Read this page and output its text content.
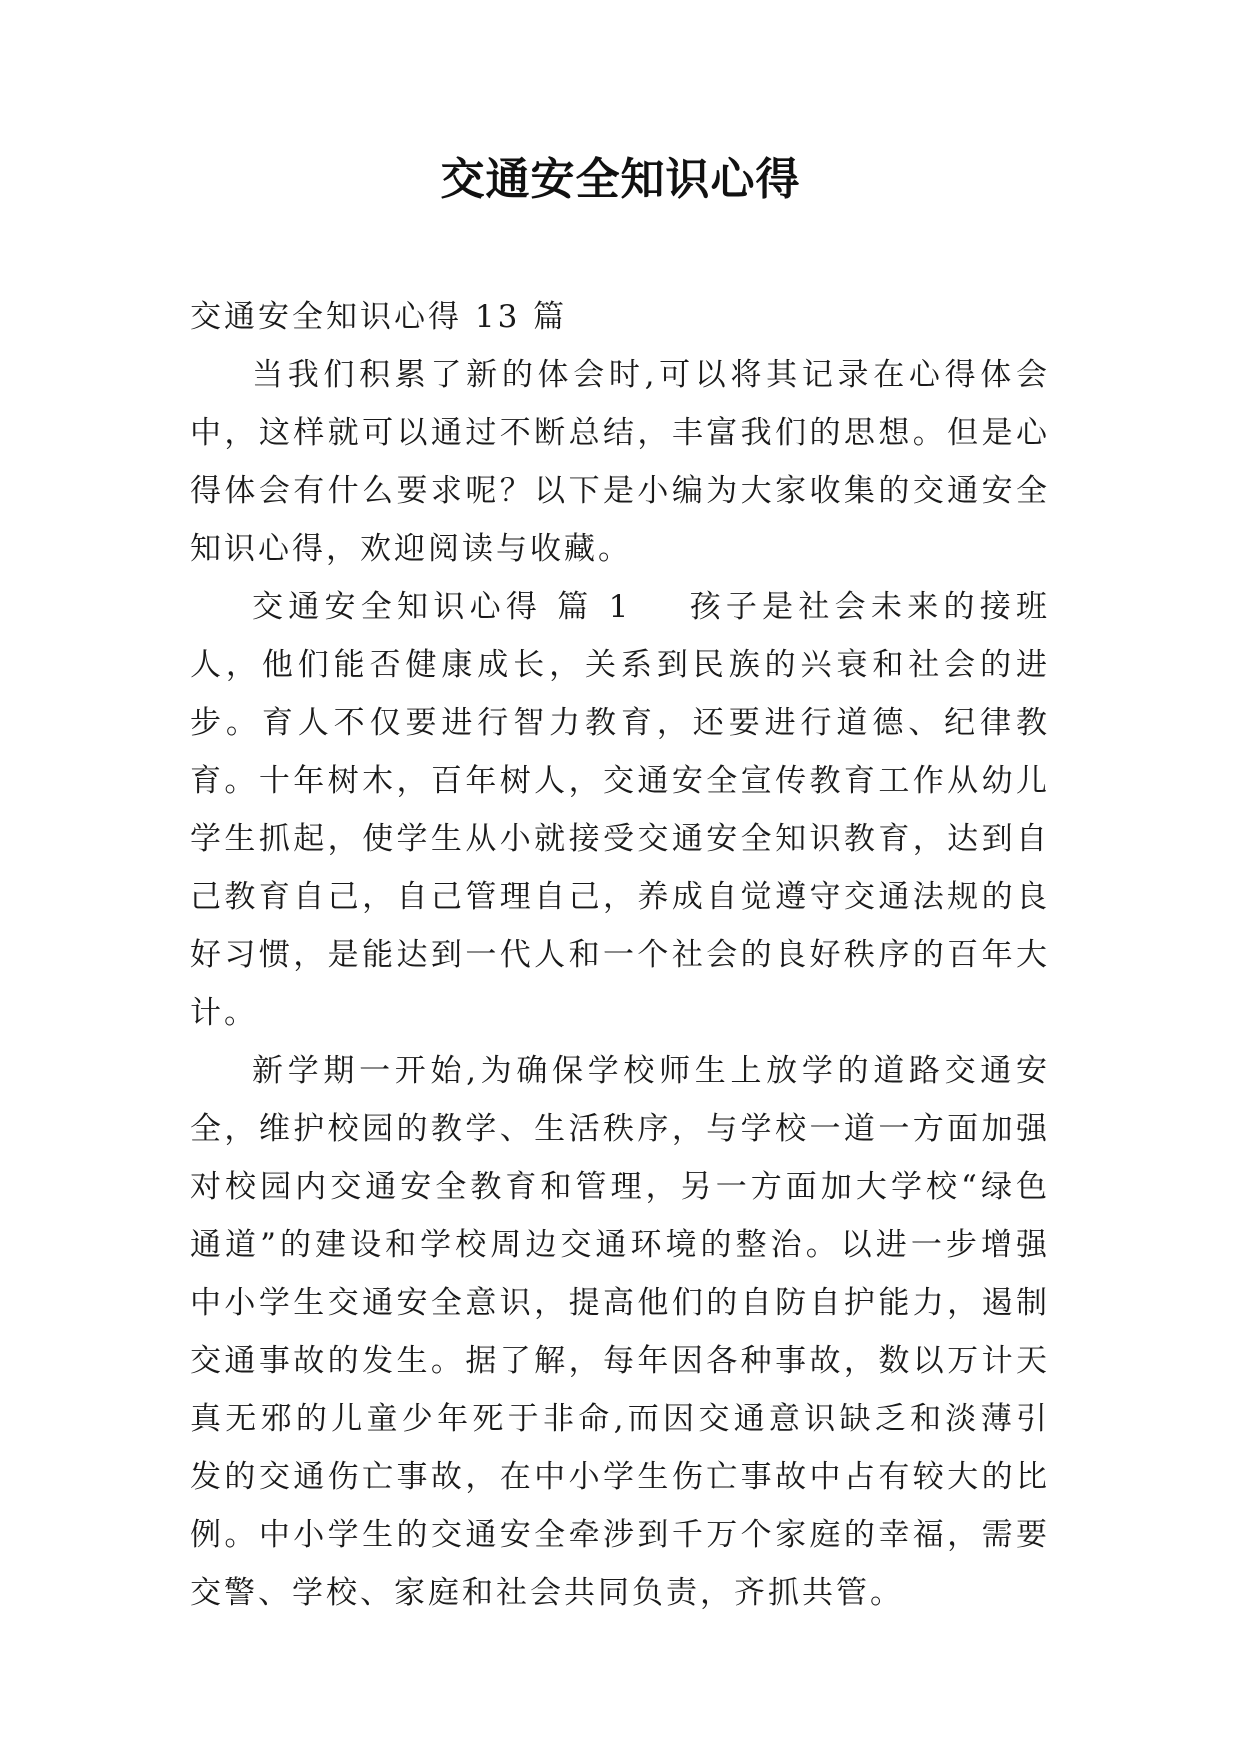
交通安全知识心得

交通安全知识心得 13 篇

当我们积累了新的体会时,可以将其记录在心得体会中，这样就可以通过不断总结，丰富我们的思想。但是心得体会有什么要求呢？以下是小编为大家收集的交通安全知识心得，欢迎阅读与收藏。

交通安全知识心得 篇 1 孩子是社会未来的接班人，他们能否健康成长，关系到民族的兴衰和社会的进步。育人不仅要进行智力教育，还要进行道德、纪律教育。十年树木，百年树人，交通安全宣传教育工作从幼儿学生抓起，使学生从小就接受交通安全知识教育，达到自己教育自己，自己管理自己，养成自觉遵守交通法规的良好习惯，是能达到一代人和一个社会的良好秩序的百年大计。

新学期一开始,为确保学校师生上放学的道路交通安全，维护校园的教学、生活秩序，与学校一道一方面加强对校园内交通安全教育和管理，另一方面加大学校“绿色通道”的建设和学校周边交通环境的整治。以进一步增强中小学生交通安全意识，提高他们的自防自护能力，遏制交通事故的发生。据了解，每年因各种事故，数以万计天真无邪的儿童少年死于非命,而因交通意识缺乏和淡薄引发的交通伤亡事故，在中小学生伤亡事故中占有较大的比例。中小学生的交通安全牵涉到千万个家庭的幸福，需要交警、学校、家庭和社会共同负责，齐抓共管。
